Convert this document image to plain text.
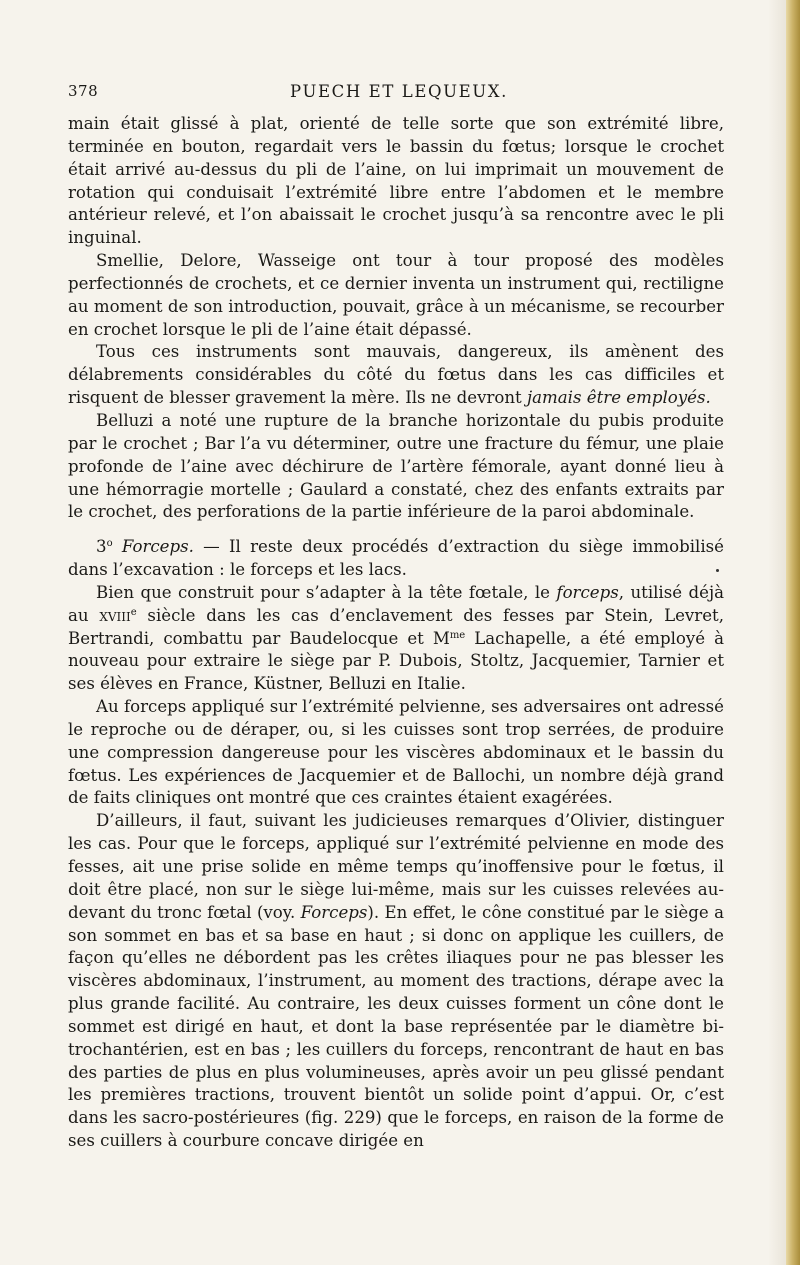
378	PUECH ET LEQUEUX.

main était glissé à plat, orienté de telle sorte que son extrémité libre, terminée en bouton, regardait vers le bassin du fœtus; lorsque le crochet était arrivé au-dessus du pli de l’aine, on lui imprimait un mouvement de rotation qui conduisait l’extrémité libre entre l’abdomen et le membre antérieur relevé, et l’on abaissait le crochet jusqu’à sa rencontre avec le pli inguinal.

Smellie, Delore, Wasseige ont tour à tour proposé des modèles perfectionnés de crochets, et ce dernier inventa un instrument qui, rectiligne au moment de son introduction, pouvait, grâce à un mécanisme, se recourber en crochet lorsque le pli de l’aine était dépassé.

Tous ces instruments sont mauvais, dangereux, ils amènent des délabrements considérables du côté du fœtus dans les cas difficiles et risquent de blesser gravement la mère. Ils ne devront jamais être employés.

Belluzi a noté une rupture de la branche horizontale du pubis produite par le crochet ; Bar l’a vu déterminer, outre une fracture du fémur, une plaie profonde de l’aine avec déchirure de l’artère fémorale, ayant donné lieu à une hémorragie mortelle ; Gaulard a constaté, chez des enfants extraits par le crochet, des perforations de la partie inférieure de la paroi abdominale.

3$^o$ Forceps. — Il reste deux procédés d’extraction du siège immobilisé dans l’excavation : le forceps et les lacs.

Bien que construit pour s’adapter à la tête fœtale, le forceps, utilisé déjà au xviii$^e$ siècle dans les cas d’enclavement des fesses par Stein, Levret, Bertrandi, combattu par Baudelocque et $M^{me}$ Lachapelle, a été employé à nouveau pour extraire le siège par P. Dubois, Stoltz, Jacquemier, Tarnier et ses élèves en France, Küstner, Belluzi en Italie.

Au forceps appliqué sur l’extrémité pelvienne, ses adversaires ont adressé le reproche ou de déraper, ou, si les cuisses sont trop serrées, de produire une compression dangereuse pour les viscères abdominaux et le bassin du fœtus. Les expériences de Jacquemier et de Ballochi, un nombre déjà grand de faits cliniques ont montré que ces craintes étaient exagérées.

D’ailleurs, il faut, suivant les judicieuses remarques d’Olivier, distinguer les cas. Pour que le forceps, appliqué sur l’extrémité pelvienne en mode des fesses, ait une prise solide en même temps qu’inoffensive pour le fœtus, il doit être placé, non sur le siège lui-même, mais sur les cuisses relevées au-devant du tronc fœtal (voy. Forceps). En effet, le cône constitué par le siège a son sommet en bas et sa base en haut ; si donc on applique les cuillers, de façon qu’elles ne débordent pas les crêtes iliaques pour ne pas blesser les viscères abdominaux, l’instrument, au moment des tractions, dérape avec la plus grande facilité. Au contraire, les deux cuisses forment un cône dont le sommet est dirigé en haut, et dont la base représentée par le diamètre bi-trochantérien, est en bas ; les cuillers du forceps, rencontrant de haut en bas des parties de plus en plus volumineuses, après avoir un peu glissé pendant les premières tractions, trouvent bientôt un solide point d’appui. Or, c’est dans les sacro-postérieures (fig. 229) que le forceps, en raison de la forme de ses cuillers à courbure concave dirigée en
